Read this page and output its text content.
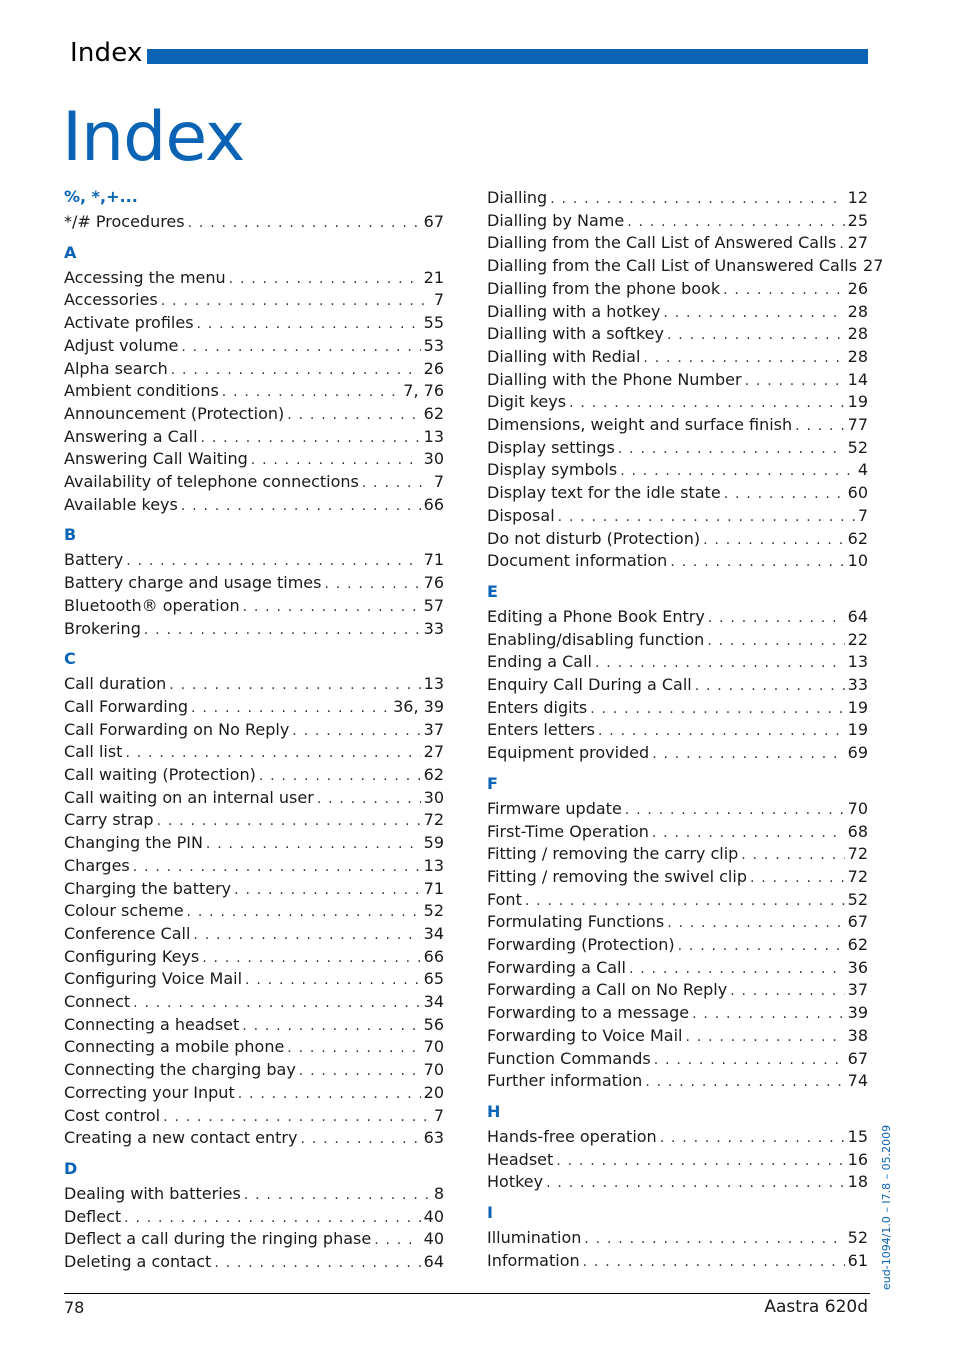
Index
Index
%, *,+...
*/# Procedures . . .	67
A
Accessing the menu . . .	21
Accessories . . .	7
Activate profiles . . .	55
Adjust volume . . .	53
Alpha search . . .	26
Ambient conditions . . .	7, 76
Announcement (Protection) . . .	62
Answering a Call . . .	13
Answering Call Waiting . . .	30
Availability of telephone connections . . .	7
Available keys . . .	66
B
Battery . . .	71
Battery charge and usage times . . .	76
Bluetooth® operation . . .	57
Brokering . . .	33
C
Call duration . . .	13
Call Forwarding . . .	36, 39
Call Forwarding on No Reply . . .	37
Call list . . .	27
Call waiting (Protection) . . .	62
Call waiting on an internal user . . .	30
Carry strap . . .	72
Changing the PIN . . .	59
Charges . . .	13
Charging the battery . . .	71
Colour scheme . . .	52
Conference Call . . .	34
Configuring Keys . . .	66
Configuring Voice Mail . . .	65
Connect . . .	34
Connecting a headset . . .	56
Connecting a mobile phone . . .	70
Connecting the charging bay . . .	70
Correcting your Input . . .	20
Cost control . . .	7
Creating a new contact entry . . .	63
D
Dealing with batteries . . .	8
Deflect . . .	40
Deflect a call during the ringing phase . . .	40
Deleting a contact . . .	64
Dialling . . .	12
Dialling by Name . . .	25
Dialling from the Call List of Answered Calls . . . 27
Dialling from the Call List of Unanswered Calls 27
Dialling from the phone book . . .	26
Dialling with a hotkey . . .	28
Dialling with a softkey . . .	28
Dialling with Redial . . .	28
Dialling with the Phone Number . . .	14
Digit keys . . .	19
Dimensions, weight and surface finish . . .	77
Display settings . . .	52
Display symbols . . .	4
Display text for the idle state . . .	60
Disposal . . .	7
Do not disturb (Protection) . . .	62
Document information . . .	10
E
Editing a Phone Book Entry . . .	64
Enabling/disabling function . . .	22
Ending a Call . . .	13
Enquiry Call During a Call . . .	33
Enters digits . . .	19
Enters letters . . .	19
Equipment provided . . .	69
F
Firmware update . . .	70
First-Time Operation . . .	68
Fitting / removing the carry clip . . .	72
Fitting / removing the swivel clip . . .	72
Font . . .	52
Formulating Functions . . .	67
Forwarding (Protection) . . .	62
Forwarding a Call . . .	36
Forwarding a Call on No Reply . . .	37
Forwarding to a message . . .	39
Forwarding to Voice Mail . . .	38
Function Commands . . .	67
Further information . . .	74
H
Hands-free operation . . .	15
Headset . . .	16
Hotkey . . .	18
I
Illumination . . .	52
Information . . .	61
78	Aastra 620d
eud-1094/1.0 – I7.8 – 05.2009
